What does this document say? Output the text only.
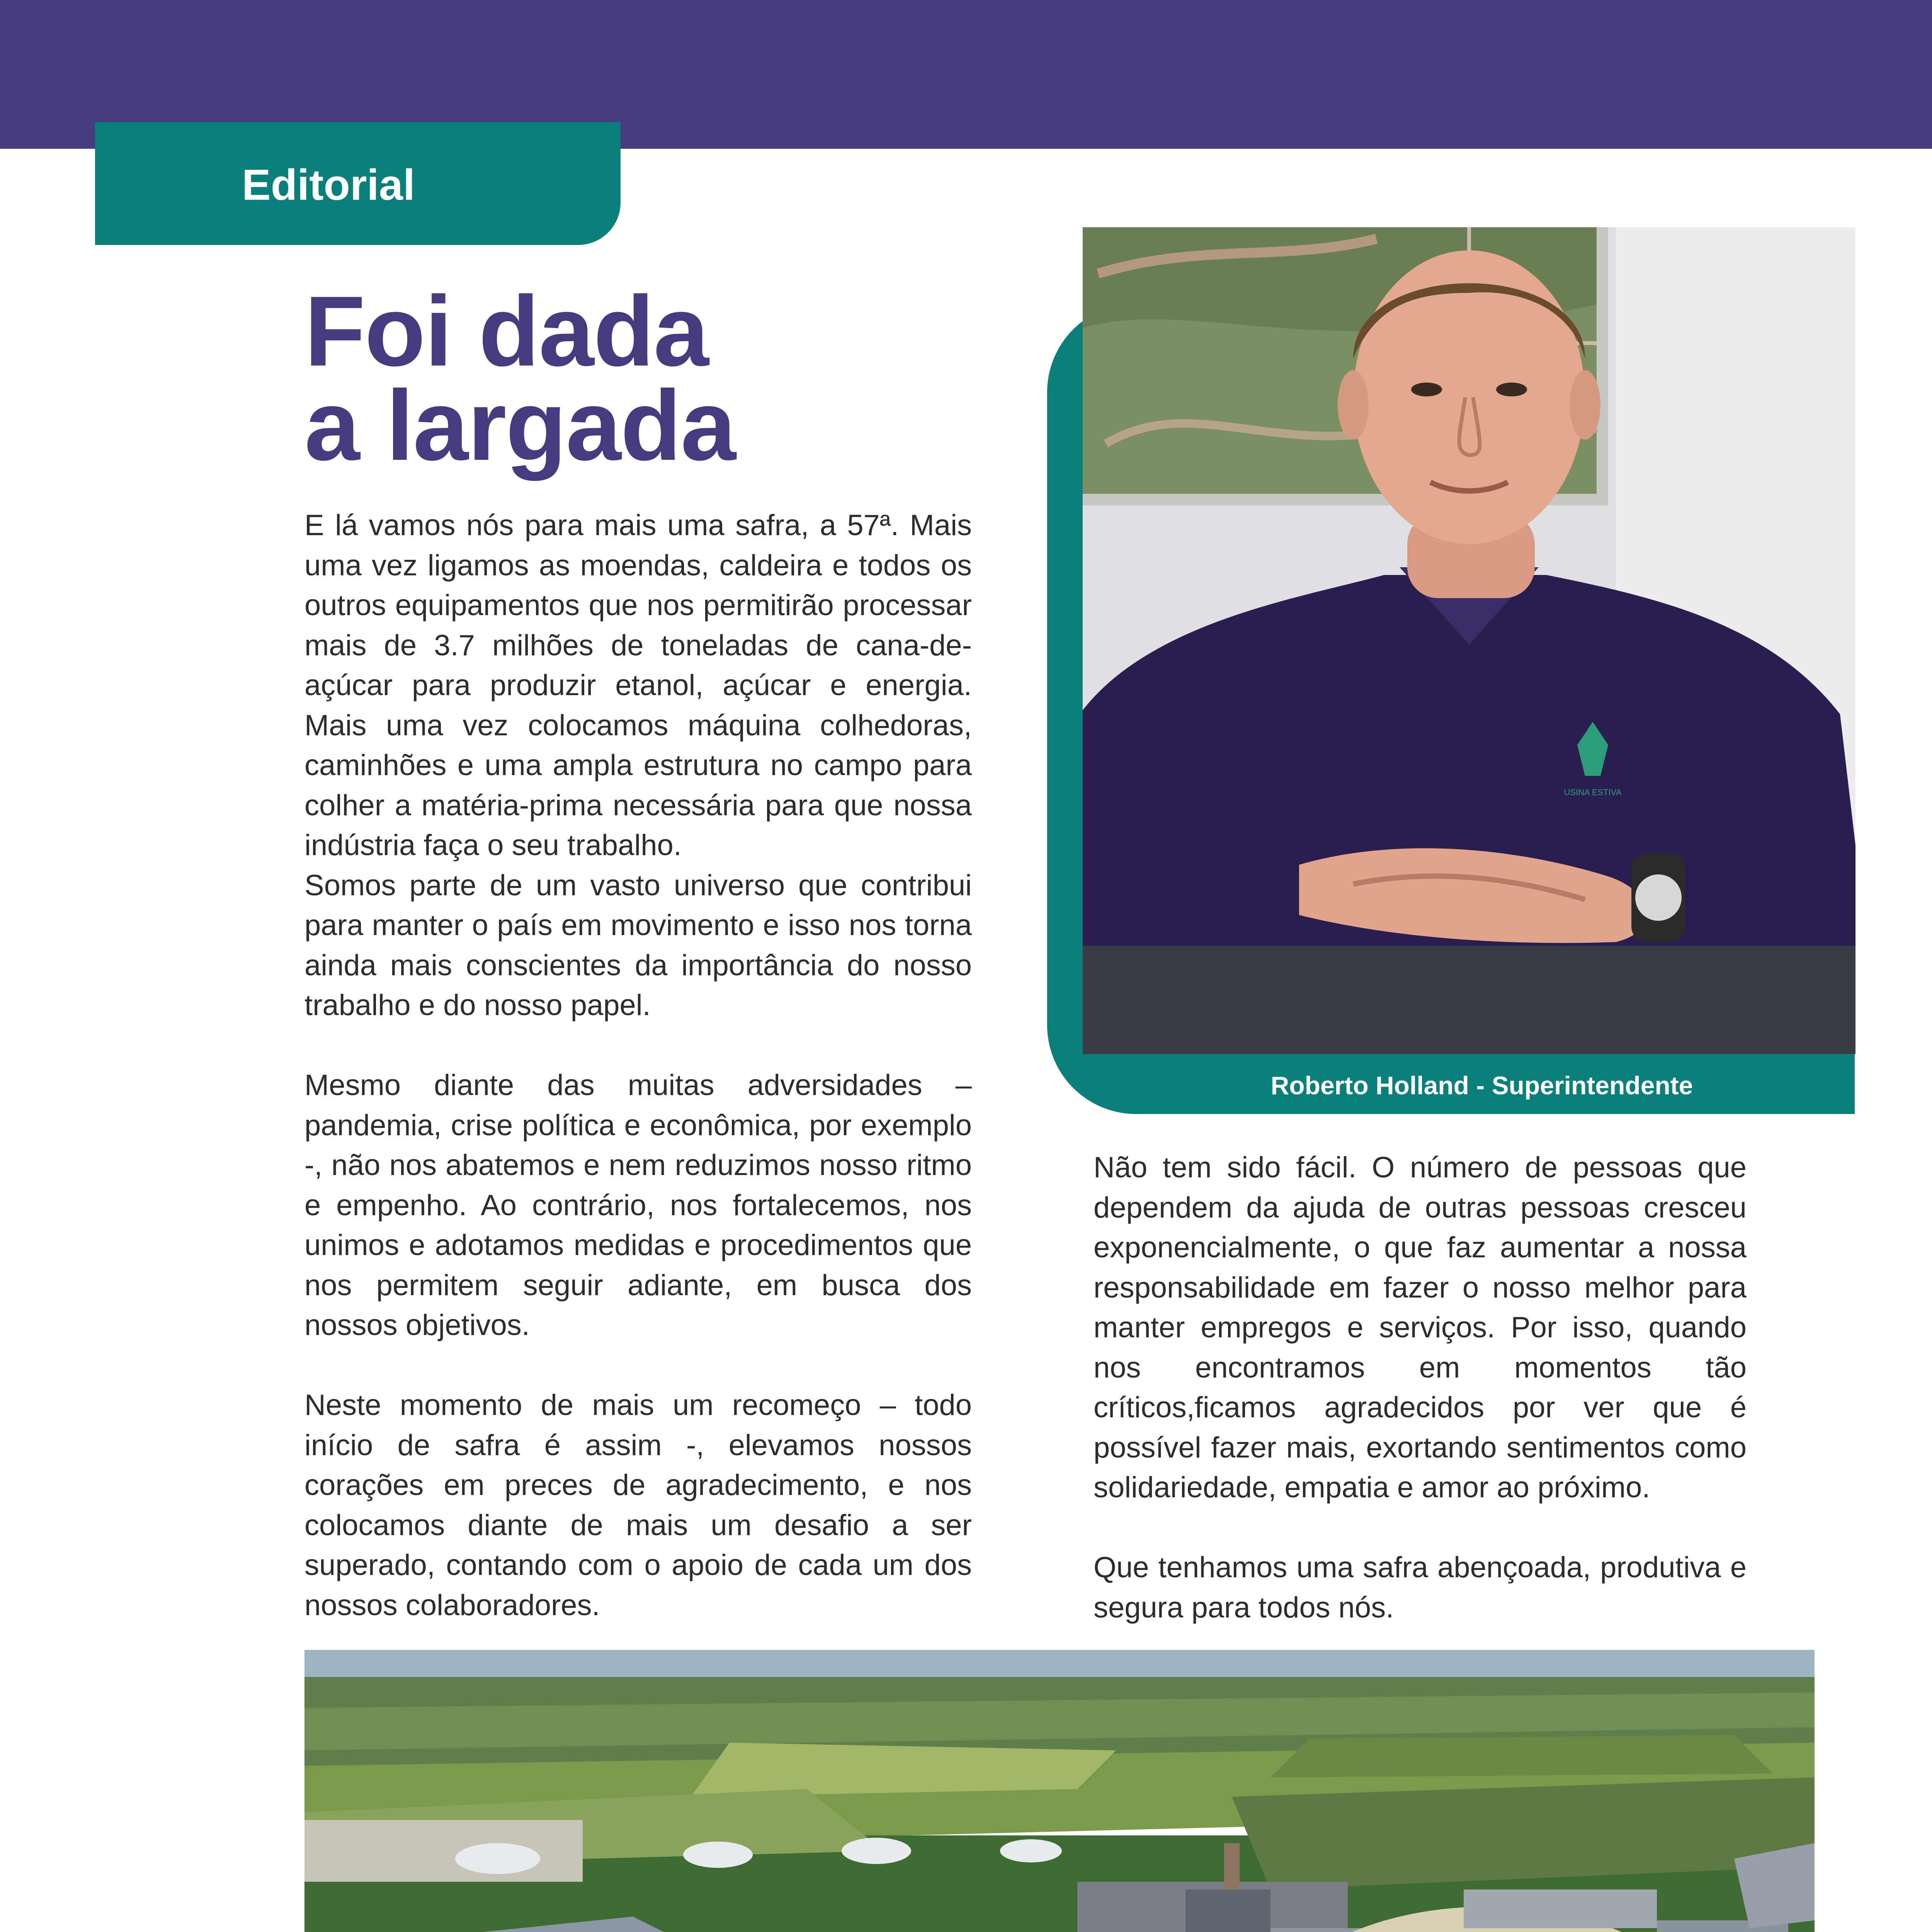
Editorial
Foi dada
a largada

E lá vamos nós para mais uma safra, a 57ª. Mais uma vez ligamos as moendas, caldeira e todos os outros equipamentos que nos permitirão processar mais de 3.7 milhões de toneladas de cana-de-açúcar para produzir etanol, açúcar e energia. Mais uma vez colocamos máquina colhedoras, caminhões e uma ampla estrutura no campo para colher a matéria-prima necessária para que nossa indústria faça o seu trabalho.

Somos parte de um vasto universo que contribui para manter o país em movimento e isso nos torna ainda mais conscientes da importância do nosso trabalho e do nosso papel.

Mesmo diante das muitas adversidades – pandemia, crise política e econômica, por exemplo -, não nos abatemos e nem reduzimos nosso ritmo e empenho. Ao contrário, nos fortalecemos, nos unimos e adotamos medidas e procedimentos que nos permitem seguir adiante, em busca dos nossos objetivos.

Neste momento de mais um recomeço – todo início de safra é assim -, elevamos nossos corações em preces de agradecimento, e nos colocamos diante de mais um desafio a ser superado, contando com o apoio de cada um dos nossos colaboradores.

Roberto Holland - Superintendente
USINA ESTIVA

Não tem sido fácil. O número de pessoas que dependem da ajuda de outras pessoas cresceu exponencialmente, o que faz aumentar a nossa responsabilidade em fazer o nosso melhor para manter empregos e serviços. Por isso, quando nos encontramos em momentos tão críticos,ficamos agradecidos por ver que é possível fazer mais, exortando sentimentos como solidariedade, empatia e amor ao próximo.

Que tenhamos uma safra abençoada, produtiva e segura para todos nós.
